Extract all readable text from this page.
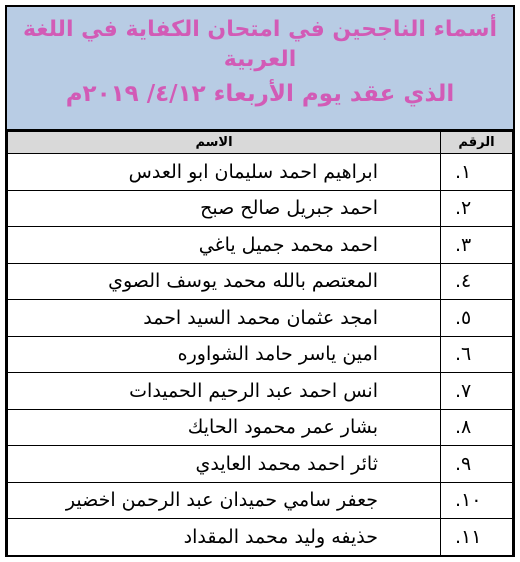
أسماء الناجحين في امتحان الكفاية في اللغة
العربية
الذي عقد يوم الأربعاء ٤/١٢/ ٢٠١٩م
الرقم	الاسم
١.	ابراهيم احمد سليمان ابو العدس
٢.	احمد جبريل صالح صبح
٣.	احمد محمد جميل ياغي
٤.	المعتصم بالله محمد يوسف الصوي
٥.	امجد عثمان محمد السيد احمد
٦.	امين ياسر حامد الشواوره
٧.	انس احمد عبد الرحيم الحميدات
٨.	بشار عمر محمود الحايك
٩.	ثائر احمد محمد العايدي
١٠.	جعفر سامي حميدان عبد الرحمن اخضير
١١.	حذيفه وليد محمد المقداد
